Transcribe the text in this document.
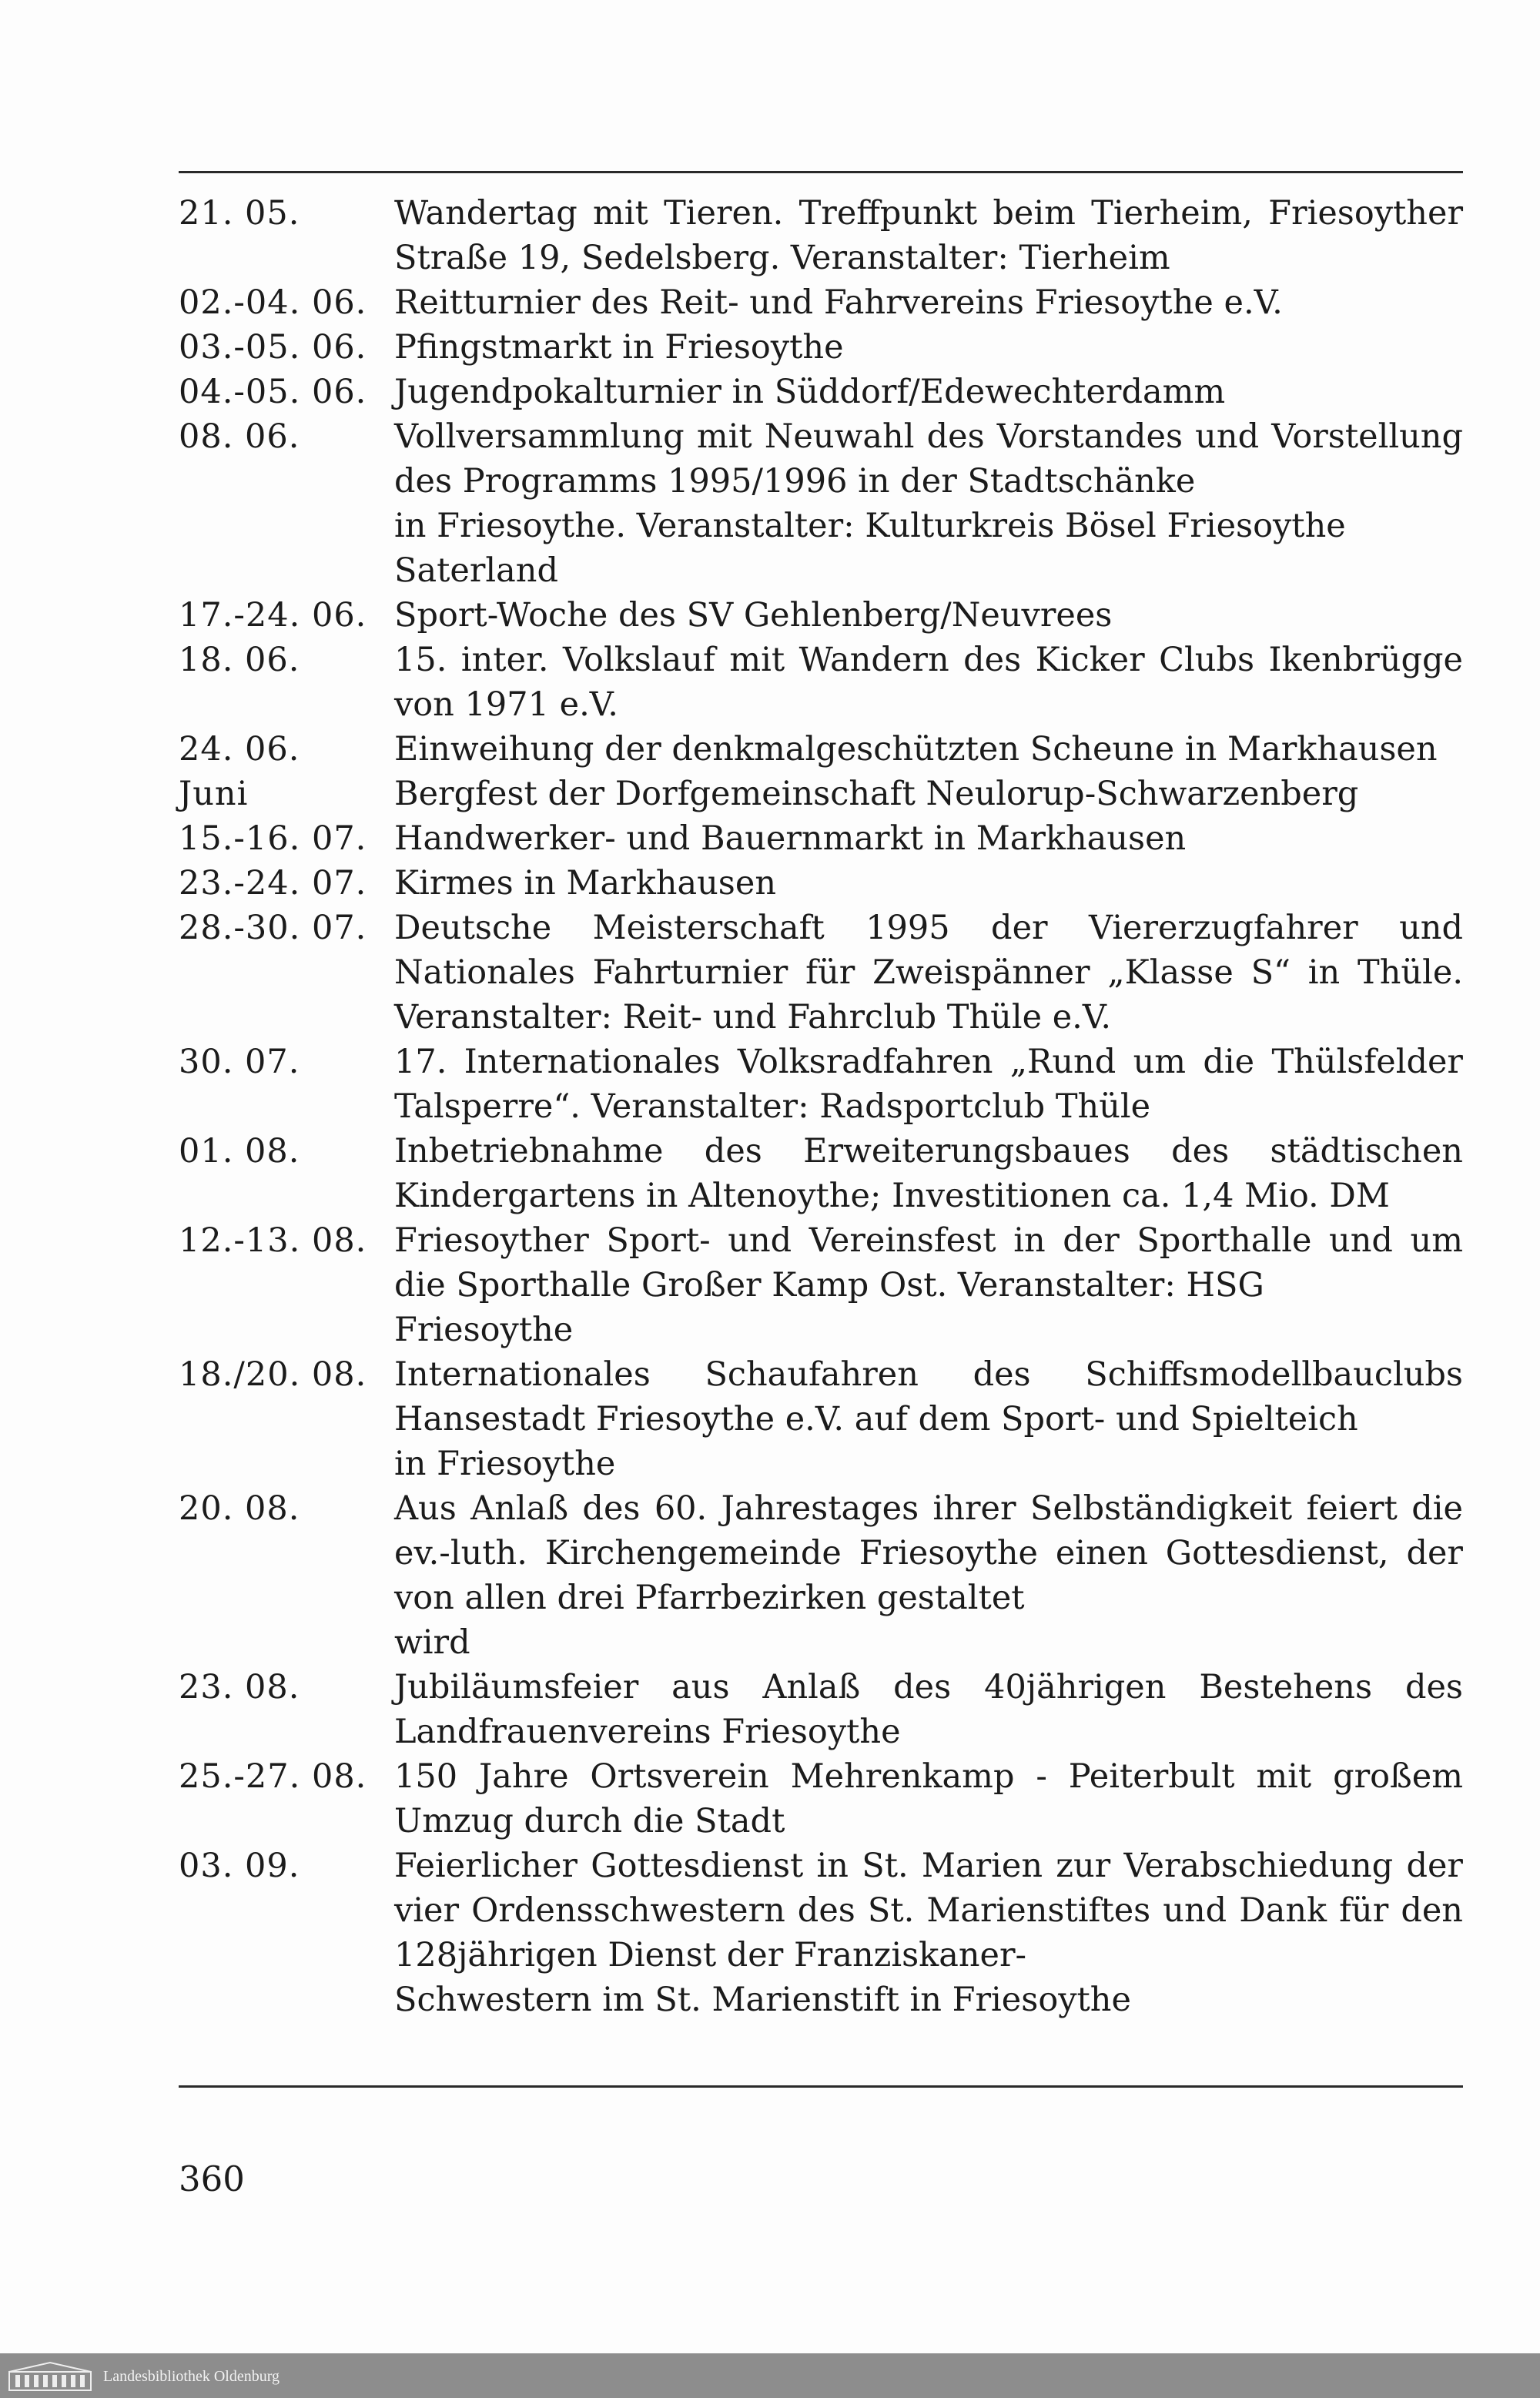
21. 05.	Wandertag mit Tieren. Treffpunkt beim Tierheim, Friesoyther Straße 19, Sedelsberg. Veranstalter: Tierheim
02.-04. 06. Reitturnier des Reit- und Fahrvereins Friesoythe e.V.
03.-05. 06. Pfingstmarkt in Friesoythe
04.-05. 06. Jugendpokalturnier in Süddorf/Edewechterdamm
08. 06.	Vollversammlung mit Neuwahl des Vorstandes und Vorstellung des Programms 1995/1996 in der Stadtschänke
in Friesoythe. Veranstalter: Kulturkreis Bösel Friesoythe
Saterland
17.-24. 06. Sport-Woche des SV Gehlenberg/Neuvrees
18. 06.	15. inter. Volkslauf mit Wandern des Kicker Clubs Ikenbrügge von 1971 e.V.
24. 06.	Einweihung der denkmalgeschützten Scheune in Markhausen
Juni	Bergfest der Dorfgemeinschaft Neulorup-Schwarzenberg
15.-16. 07. Handwerker- und Bauernmarkt in Markhausen
23.-24. 07. Kirmes in Markhausen
28.-30. 07. Deutsche Meisterschaft 1995 der Viererzugfahrer und Nationales Fahrturnier für Zweispänner „Klasse S“ in Thüle. Veranstalter: Reit- und Fahrclub Thüle e.V.
30. 07.	17. Internationales Volksradfahren „Rund um die Thülsfelder Talsperre“. Veranstalter: Radsportclub Thüle
01. 08.	Inbetriebnahme des Erweiterungsbaues des städtischen Kindergartens in Altenoythe; Investitionen ca. 1,4 Mio. DM
12.-13. 08. Friesoyther Sport- und Vereinsfest in der Sporthalle und um die Sporthalle Großer Kamp Ost. Veranstalter: HSG
Friesoythe
18./20. 08. Internationales Schaufahren des Schiffsmodellbauclubs Hansestadt Friesoythe e.V. auf dem Sport- und Spielteich
in Friesoythe
20. 08.	Aus Anlaß des 60. Jahrestages ihrer Selbständigkeit feiert die ev.-luth. Kirchengemeinde Friesoythe einen Gottesdienst, der von allen drei Pfarrbezirken gestaltet
wird
23. 08.	Jubiläumsfeier aus Anlaß des 40jährigen Bestehens des Landfrauenvereins Friesoythe
25.-27. 08. 150 Jahre Ortsverein Mehrenkamp - Peiterbult mit großem Umzug durch die Stadt
03. 09.	Feierlicher Gottesdienst in St. Marien zur Verabschiedung der vier Ordensschwestern des St. Marienstiftes und Dank für den 128jährigen Dienst der Franziskaner-
Schwestern im St. Marienstift in Friesoythe
360
Landesbibliothek Oldenburg
